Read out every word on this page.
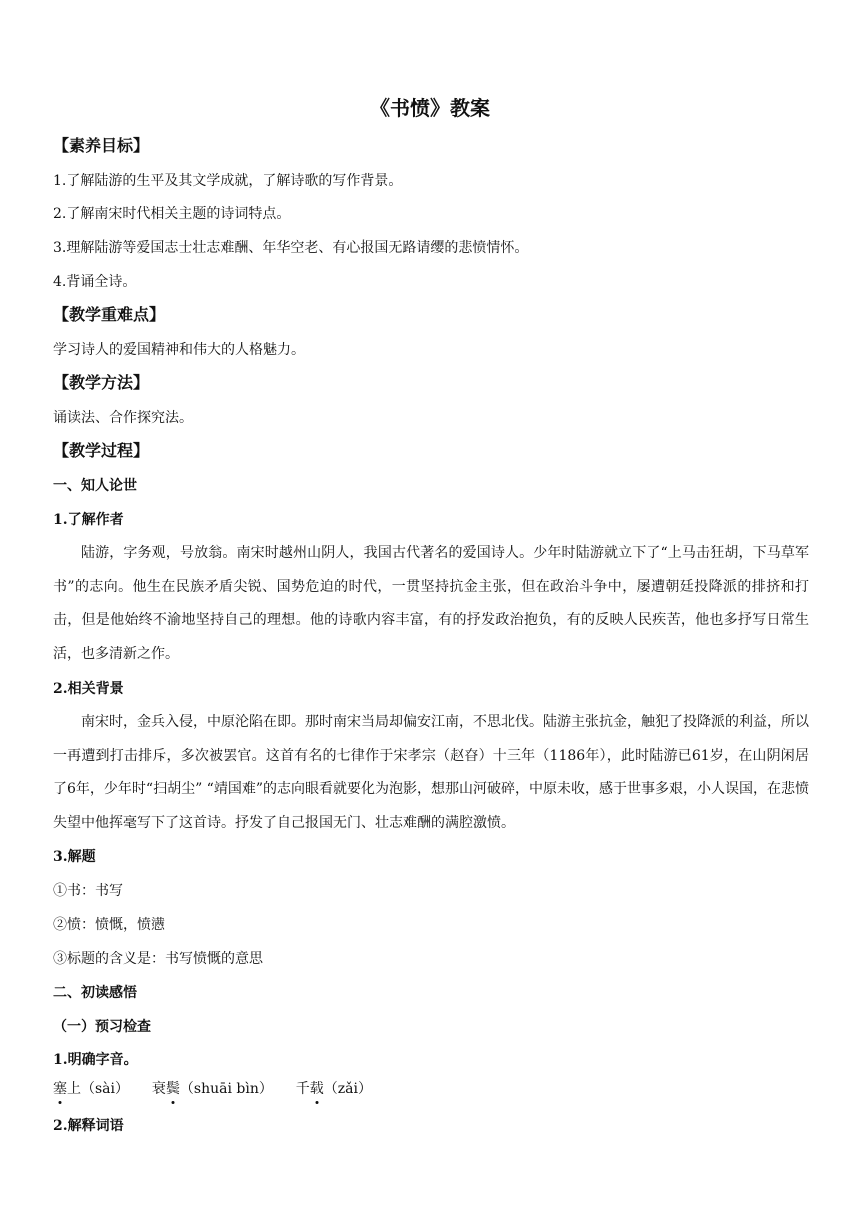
《书愤》教案
【素养目标】
1.了解陆游的生平及其文学成就，了解诗歌的写作背景。
2.了解南宋时代相关主题的诗词特点。
3.理解陆游等爱国志士壮志难酬、年华空老、有心报国无路请缨的悲愤情怀。
4.背诵全诗。
【教学重难点】
学习诗人的爱国精神和伟大的人格魅力。
【教学方法】
诵读法、合作探究法。
【教学过程】
一、知人论世
1.了解作者
陆游，字务观，号放翁。南宋时越州山阴人，我国古代著名的爱国诗人。少年时陆游就立下了“上马击狂胡，下马草军书”的志向。他生在民族矛盾尖锐、国势危迫的时代，一贯坚持抗金主张，但在政治斗争中，屡遭朝廷投降派的排挤和打击，但是他始终不渝地坚持自己的理想。他的诗歌内容丰富，有的抒发政治抱负，有的反映人民疾苦，他也多抒写日常生活，也多清新之作。
2.相关背景
南宋时，金兵入侵，中原沦陷在即。那时南宋当局却偏安江南，不思北伐。陆游主张抗金，触犯了投降派的利益，所以一再遭到打击排斥，多次被罢官。这首有名的七律作于宋孝宗（赵昚）十三年（1186年），此时陆游已61岁，在山阴闲居了6年，少年时“扫胡尘” “靖国难”的志向眼看就要化为泡影，想那山河破碎，中原未收，感于世事多艰，小人误国，在悲愤失望中他挥毫写下了这首诗。抒发了自己报国无门、壮志难酬的满腔激愤。
3.解题
①书：书写
②愤：愤慨，愤懑
③标题的含义是：书写愤慨的意思
二、初读感悟
（一）预习检查
1.明确字音。
塞上（sài） 衰鬓（shuāi bìn） 千载（zǎi）
2.解释词语
